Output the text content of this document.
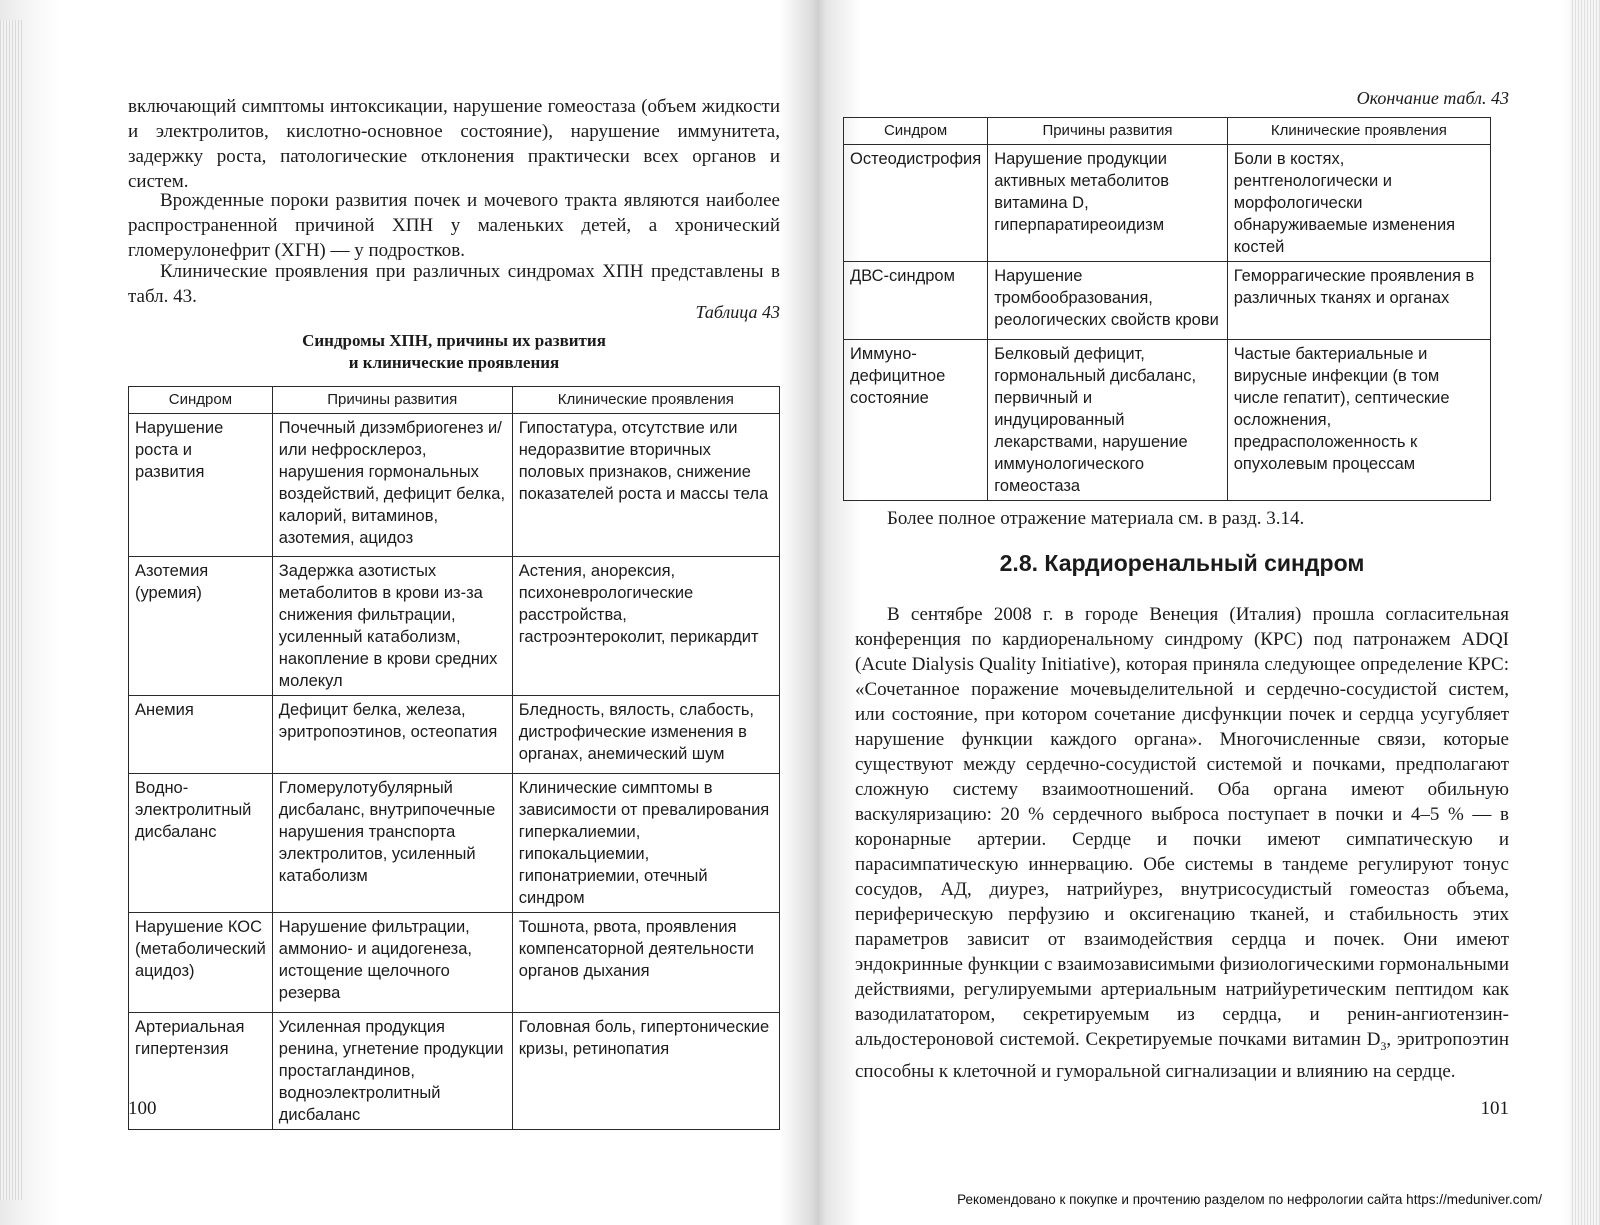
включающий симптомы интоксикации, нарушение гомеостаза (объем жидкости и электролитов, кислотно-основное состояние), нарушение иммунитета, задержку роста, патологические отклонения практически всех органов и систем.

Врожденные пороки развития почек и мочевого тракта являются наиболее распространенной причиной ХПН у маленьких детей, а хронический гломерулонефрит (ХГН) — у подростков.

Клинические проявления при различных синдромах ХПН представлены в табл. 43.

Таблица 43
Синдромы ХПН, причины их развития
и клинические проявления
Синдром	Причины развития	Клинические проявления
Нарушение роста и развития	Почечный дизэмбриогенез и/или нефросклероз, нарушения гормональных воздействий, дефицит белка, калорий, витаминов, азотемия, ацидоз	Гипостатура, отсутствие или недоразвитие вторичных половых признаков, снижение показателей роста и массы тела
Азотемия (уремия)	Задержка азотистых метаболитов в крови из-за снижения фильтрации, усиленный катаболизм, накопление в крови средних молекул	Астения, анорексия, психоневрологические расстройства, гастроэнтероколит, перикардит
Анемия	Дефицит белка, железа, эритропоэтинов, остеопатия	Бледность, вялость, слабость, дистрофические изменения в органах, анемический шум
Водно-электролитный дисбаланс	Гломерулотубулярный дисбаланс, внутрипочечные нарушения транспорта электролитов, усиленный катаболизм	Клинические симптомы в зависимости от превалирования гиперкалиемии, гипокальциемии, гипонатриемии, отечный синдром
Нарушение КОС (метаболический ацидоз)	Нарушение фильтрации, аммонио- и ацидогенеза, истощение щелочного резерва	Тошнота, рвота, проявления компенсаторной деятельности органов дыхания
Артериальная гипертензия	Усиленная продукция ренина, угнетение продукции простагландинов, водноэлектролитный дисбаланс	Головная боль, гипертонические кризы, ретинопатия
100
Окончание табл. 43
Синдром	Причины развития	Клинические проявления
Остеодистрофия	Нарушение продукции активных метаболитов витамина D, гиперпаратиреоидизм	Боли в костях, рентгенологически и морфологически обнаруживаемые изменения костей
ДВС-синдром	Нарушение тромбообразования, реологических свойств крови	Геморрагические проявления в различных тканях и органах
Иммуно-дефицитное состояние	Белковый дефицит, гормональный дисбаланс, первичный и индуцированный лекарствами, нарушение иммунологического гомеостаза	Частые бактериальные и вирусные инфекции (в том числе гепатит), септические осложнения, предрасположенность к опухолевым процессам
Более полное отражение материала см. в разд. 3.14.
2.8. Кардиоренальный синдром

В сентябре 2008 г. в городе Венеция (Италия) прошла согласительная конференция по кардиоренальному синдрому (КРС) под патронажем ADQI (Acute Dialysis Quality Initiative), которая приняла следующее определение КРС: «Сочетанное поражение мочевыделительной и сердечно-сосудистой систем, или состояние, при котором сочетание дисфункции почек и сердца усугубляет нарушение функции каждого органа». Многочисленные связи, которые существуют между сердечно-сосудистой системой и почками, предполагают сложную систему взаимоотношений. Оба органа имеют обильную васкуляризацию: 20 % сердечного выброса поступает в почки и 4–5 % — в коронарные артерии. Сердце и почки имеют симпатическую и парасимпатическую иннервацию. Обе системы в тандеме регулируют тонус сосудов, АД, диурез, натрийурез, внутрисосудистый гомеостаз объема, периферическую перфузию и оксигенацию тканей, и стабильность этих параметров зависит от взаимодействия сердца и почек. Они имеют эндокринные функции с взаимозависимыми физиологическими гормональными действиями, регулируемыми артериальным натрийуретическим пептидом как вазодилататором, секретируемым из сердца, и ренин-ангиотензин-альдостероновой системой. Секретируемые почками витамин $D_3$, эритропоэтин способны к клеточной и гуморальной сигнализации и влиянию на сердце.

101
Рекомендовано к покупке и прочтению разделом по нефрологии сайта https://meduniver.com/
